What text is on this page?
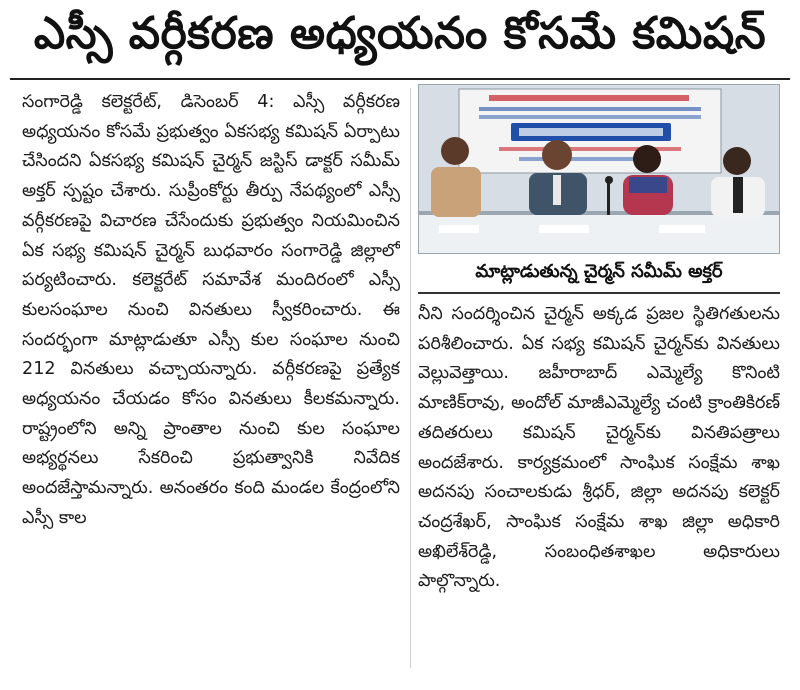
ఎస్సీ వర్గీకరణ అధ్యయనం కోసమే కమిషన్

సంగారెడ్డి కలెక్టరేట్, డిసెంబర్ 4: ఎస్సీ వర్గీకరణ అధ్యయనం కోసమే ప్రభుత్వం ఏకసభ్య కమిషన్ ఏర్పాటు చేసిందని ఏకసభ్య కమిషన్ చైర్మన్ జస్టిస్ డాక్టర్ సమీమ్ అక్తర్ స్పష్టం చేశారు. సుప్రీంకోర్టు తీర్పు నేపథ్యంలో ఎస్సీ వర్గీకరణపై విచారణ చేసేందుకు ప్రభుత్వం నియమించిన ఏక సభ్య కమిషన్ చైర్మన్ బుధవారం సంగారెడ్డి జిల్లాలో పర్యటించారు. కలెక్టరేట్ సమావేశ మందిరంలో ఎస్సీ కులసంఘాల నుంచి వినతులు స్వీకరించారు. ఈ సందర్భంగా మాట్లాడుతూ ఎస్సీ కుల సంఘాల నుంచి 212 వినతులు వచ్చాయన్నారు. వర్గీకరణపై ప్రత్యేక అధ్యయనం చేయడం కోసం వినతులు కీలకమన్నారు. రాష్ట్రంలోని అన్ని ప్రాంతాల నుంచి కుల సంఘాల అభ్యర్థనలు సేకరించి ప్రభుత్వానికి నివేదిక అందజేస్తామన్నారు. అనంతరం కంది మండల కేంద్రంలోని ఎస్సీ కాల

మాట్లాడుతున్న చైర్మన్ సమీమ్ అక్తర్

నీని సందర్శించిన చైర్మన్ అక్కడ ప్రజల స్థితిగతులను పరిశీలించారు. ఏక సభ్య కమిషన్ చైర్మన్‌కు వినతులు వెల్లువెత్తాయి. జహీరాబాద్ ఎమ్మెల్యే కొనింటి మాణిక్‌రావు, అందోల్ మాజీఎమ్మెల్యే చంటి క్రాంతికిరణ్ తదితరులు కమిషన్ చైర్మన్‌కు వినతిపత్రాలు అందజేశారు. కార్యక్రమంలో సాంఘిక సంక్షేమ శాఖ అదనపు సంచాలకుడు శ్రీధర్, జిల్లా అదనపు కలెక్టర్ చంద్రశేఖర్, సాంఘిక సంక్షేమ శాఖ జిల్లా అధికారి అఖిలేశ్‌రెడ్డి, సంబంధితశాఖల అధికారులు పాల్గొన్నారు.
